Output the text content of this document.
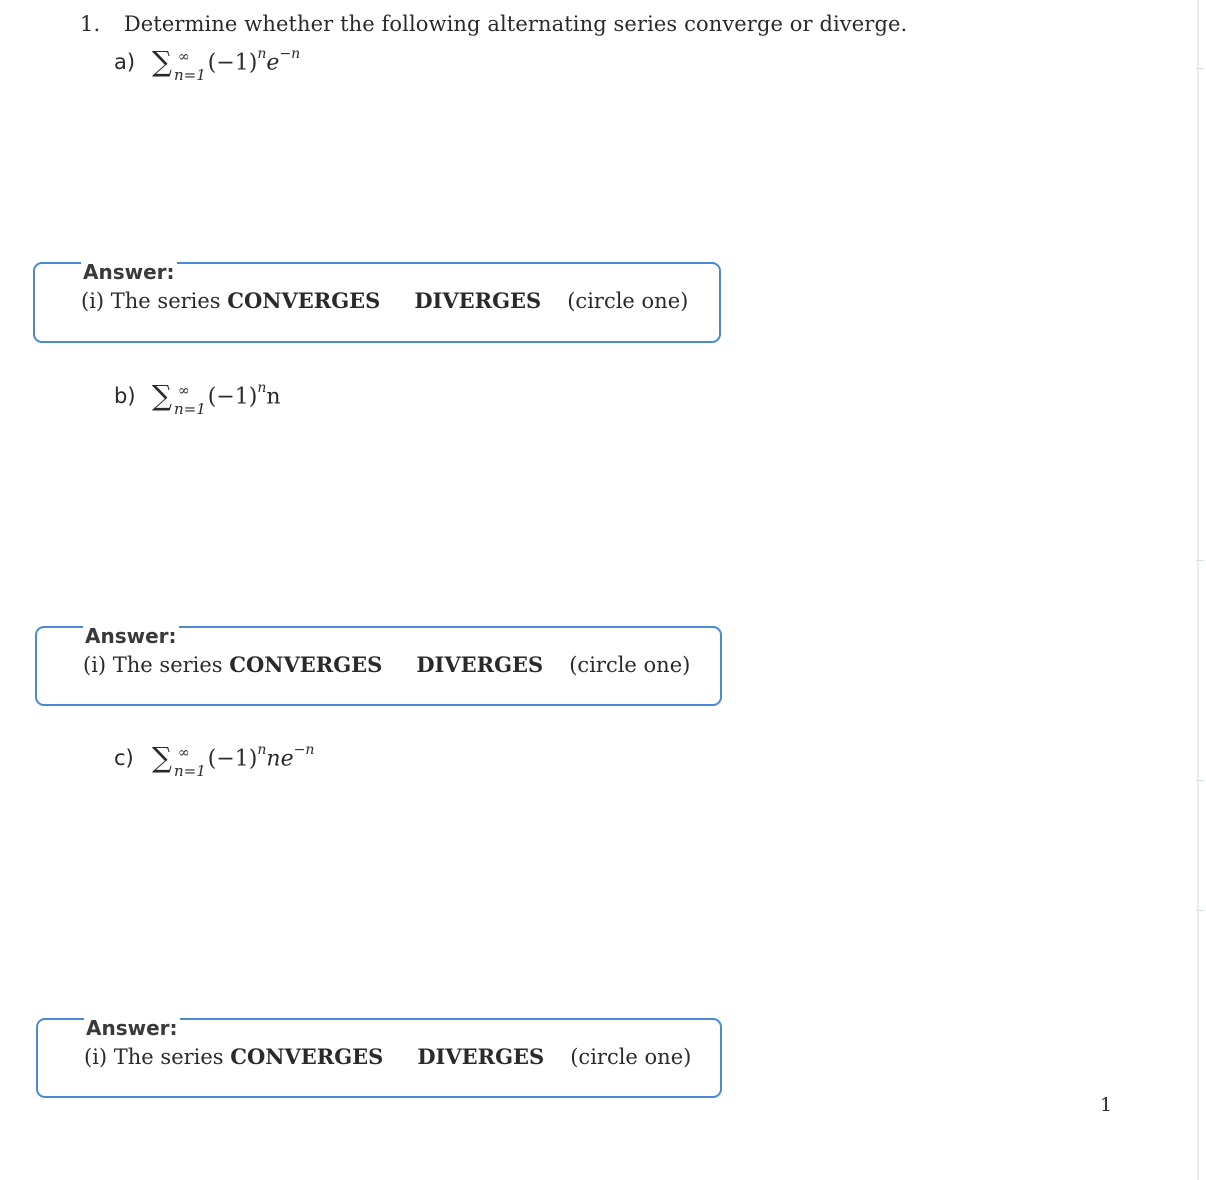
1. Determine whether the following alternating series converge or diverge.
a) ∑ ∞
n=1 $(-1)^ne^{-n}$
Answer:
(i) The series CONVERGES DIVERGES (circle one)
b) ∑ ∞
n=1 $(-1)^nn$
Answer:
(i) The series CONVERGES DIVERGES (circle one)
c) ∑ ∞
n=1 $(-1)^nne^{-n}$
Answer:
(i) The series CONVERGES DIVERGES (circle one)
1
